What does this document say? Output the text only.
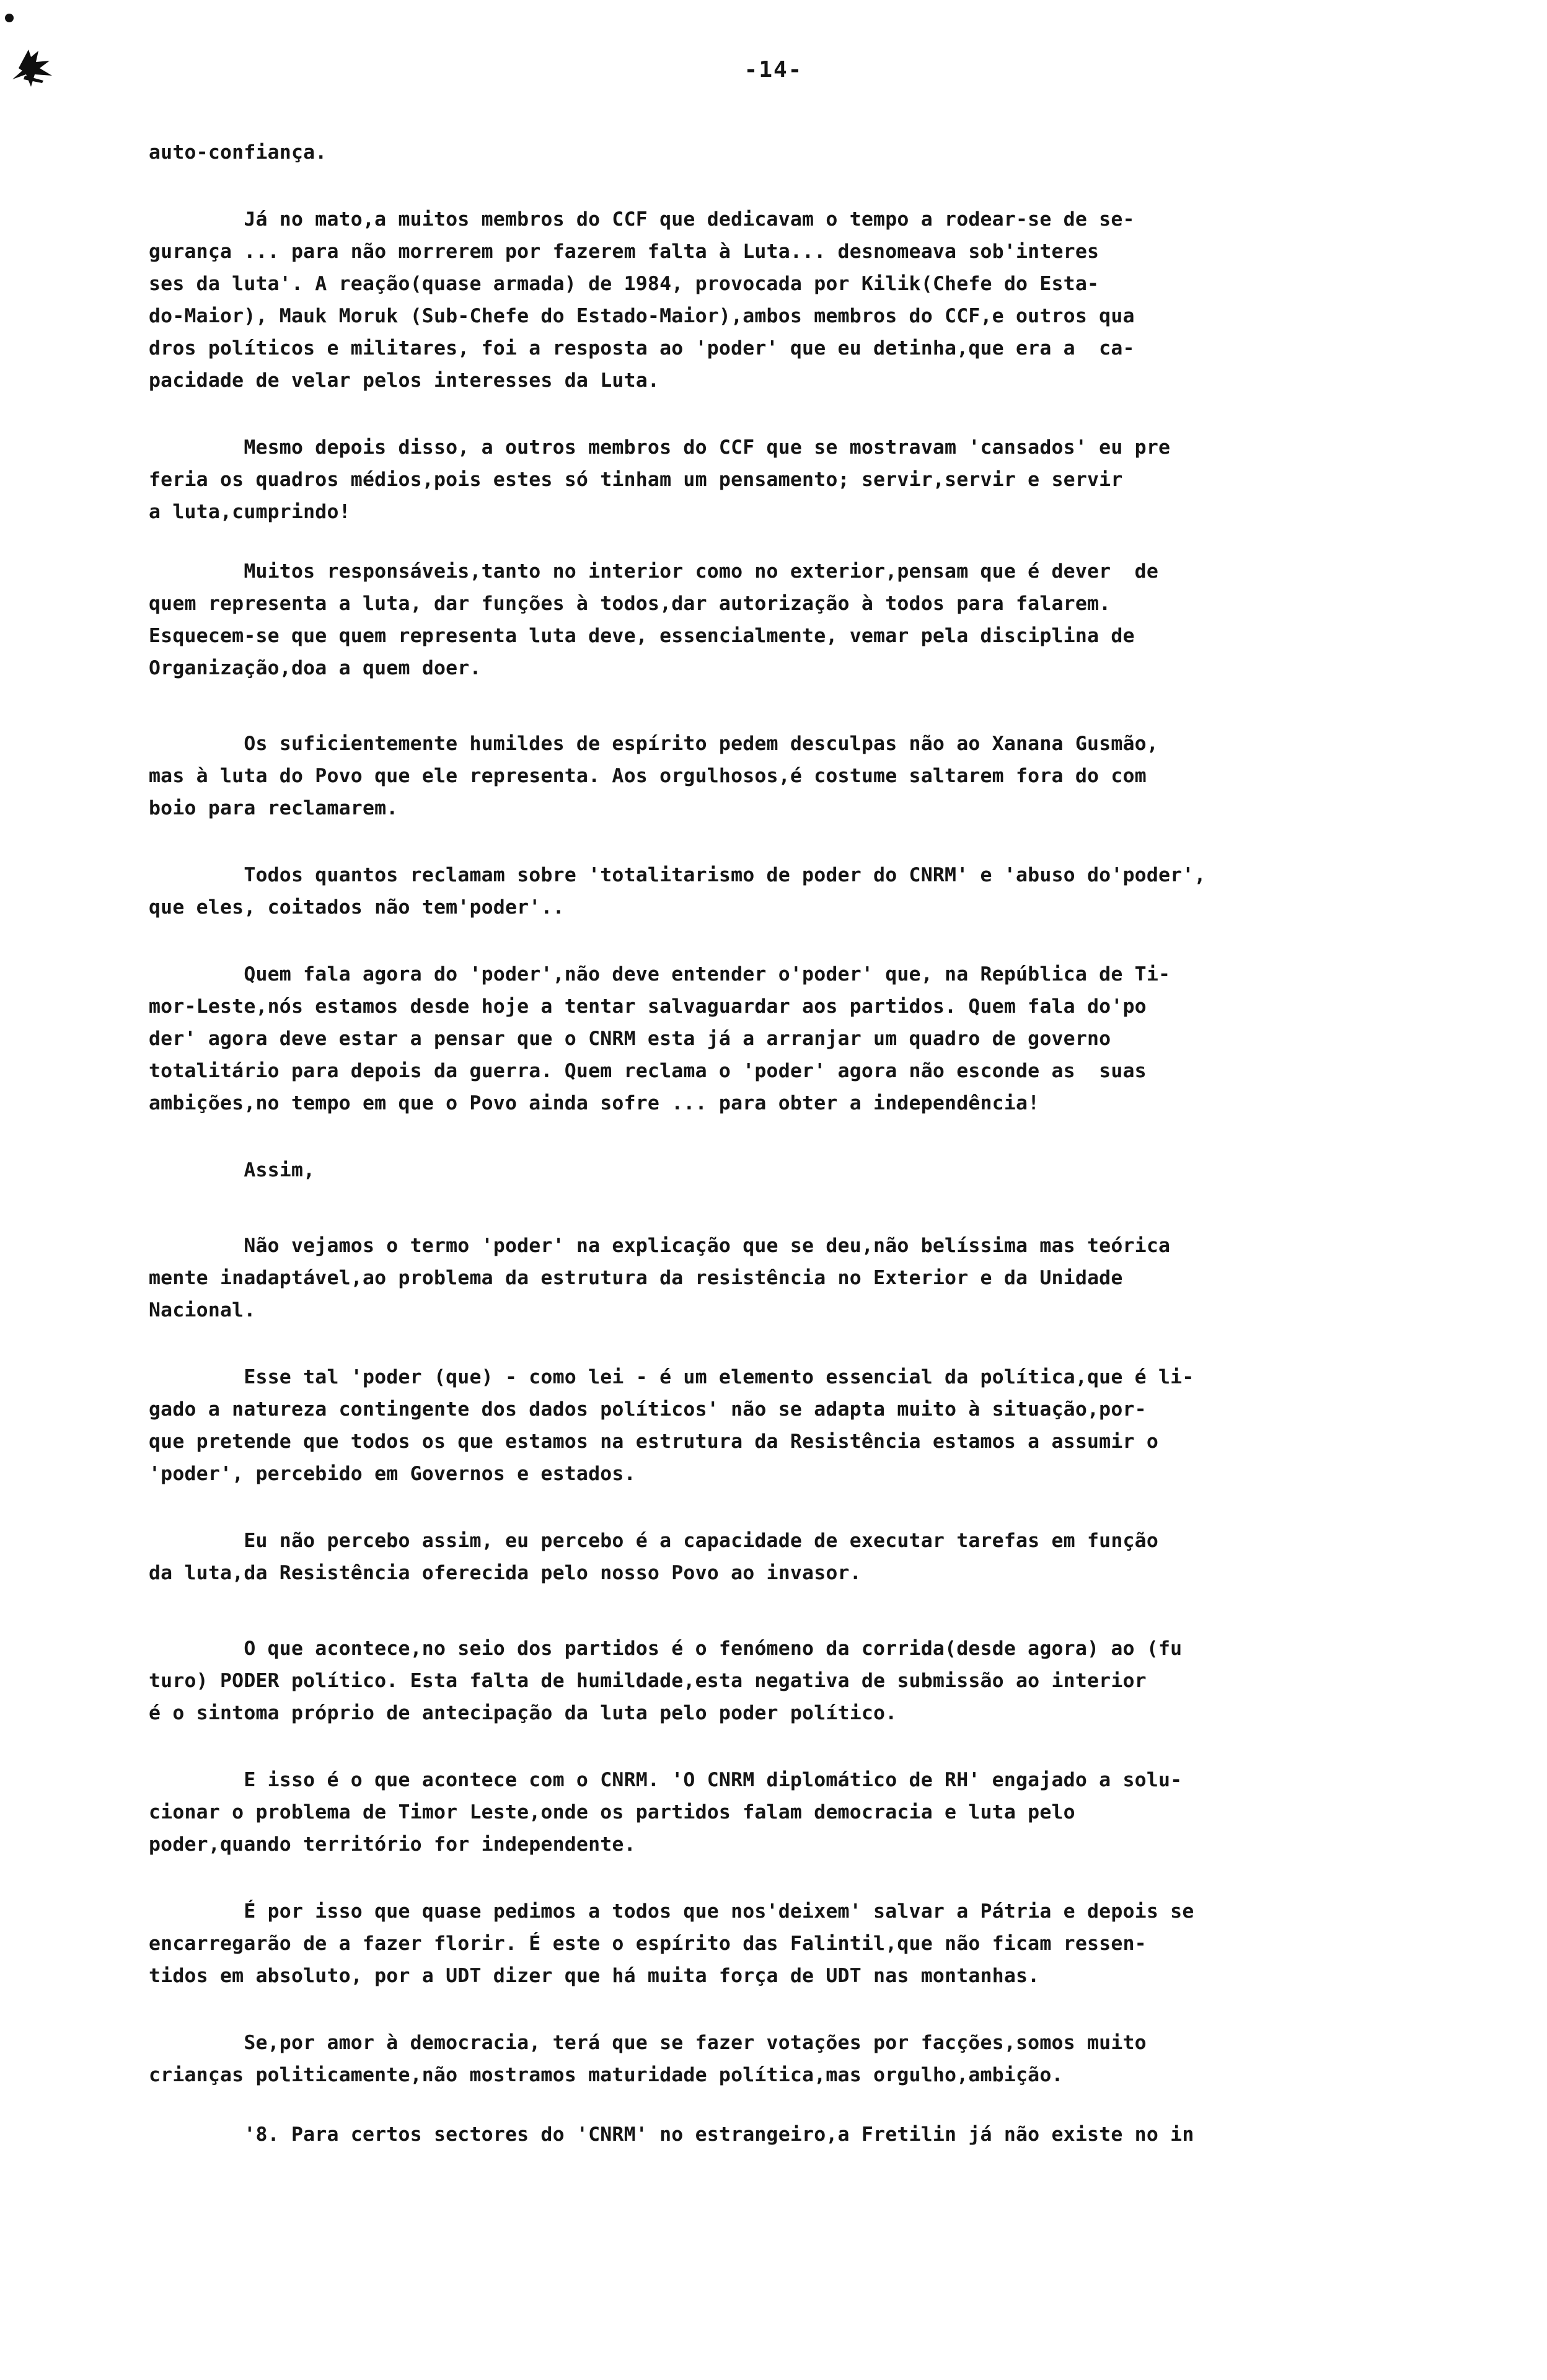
-14-

auto-confiança.

Já no mato,a muitos membros do CCF que dedicavam o tempo a rodear-se de se-

gurança ... para não morrerem por fazerem falta à Luta... desnomeava sob'interes

ses da luta'. A reação(quase armada) de 1984, provocada por Kilik(Chefe do Esta-

do-Maior), Mauk Moruk (Sub-Chefe do Estado-Maior),ambos membros do CCF,e outros qua

dros políticos e militares, foi a resposta ao 'poder' que eu detinha,que era a  ca-

pacidade de velar pelos interesses da Luta.

Mesmo depois disso, a outros membros do CCF que se mostravam 'cansados' eu pre

feria os quadros médios,pois estes só tinham um pensamento; servir,servir e servir

a luta,cumprindo!

Muitos responsáveis,tanto no interior como no exterior,pensam que é dever  de

quem representa a luta, dar funções à todos,dar autorização à todos para falarem.

Esquecem-se que quem representa luta deve, essencialmente, vemar pela disciplina de

Organização,doa a quem doer.

Os suficientemente humildes de espírito pedem desculpas não ao Xanana Gusmão,

mas à luta do Povo que ele representa. Aos orgulhosos,é costume saltarem fora do com

boio para reclamarem.

Todos quantos reclamam sobre 'totalitarismo de poder do CNRM' e 'abuso do'poder',

que eles, coitados não tem'poder'..

Quem fala agora do 'poder',não deve entender o'poder' que, na República de Ti-

mor-Leste,nós estamos desde hoje a tentar salvaguardar aos partidos. Quem fala do'po

der' agora deve estar a pensar que o CNRM esta já a arranjar um quadro de governo

totalitário para depois da guerra. Quem reclama o 'poder' agora não esconde as  suas

ambições,no tempo em que o Povo ainda sofre ... para obter a independência!

Assim,

Não vejamos o termo 'poder' na explicação que se deu,não belíssima mas teórica

mente inadaptável,ao problema da estrutura da resistência no Exterior e da Unidade

Nacional.

Esse tal 'poder (que) - como lei - é um elemento essencial da política,que é li-

gado a natureza contingente dos dados políticos' não se adapta muito à situação,por-

que pretende que todos os que estamos na estrutura da Resistência estamos a assumir o

'poder', percebido em Governos e estados.

Eu não percebo assim, eu percebo é a capacidade de executar tarefas em função

da luta,da Resistência oferecida pelo nosso Povo ao invasor.

O que acontece,no seio dos partidos é o fenómeno da corrida(desde agora) ao (fu

turo) PODER político. Esta falta de humildade,esta negativa de submissão ao interior

é o sintoma próprio de antecipação da luta pelo poder político.

E isso é o que acontece com o CNRM. 'O CNRM diplomático de RH' engajado a solu-

cionar o problema de Timor Leste,onde os partidos falam democracia e luta pelo

poder,quando território for independente.

É por isso que quase pedimos a todos que nos'deixem' salvar a Pátria e depois se

encarregarão de a fazer florir. É este o espírito das Falintil,que não ficam ressen-

tidos em absoluto, por a UDT dizer que há muita força de UDT nas montanhas.

Se,por amor à democracia, terá que se fazer votações por facções,somos muito

crianças politicamente,não mostramos maturidade política,mas orgulho,ambição.

'8. Para certos sectores do 'CNRM' no estrangeiro,a Fretilin já não existe no in
